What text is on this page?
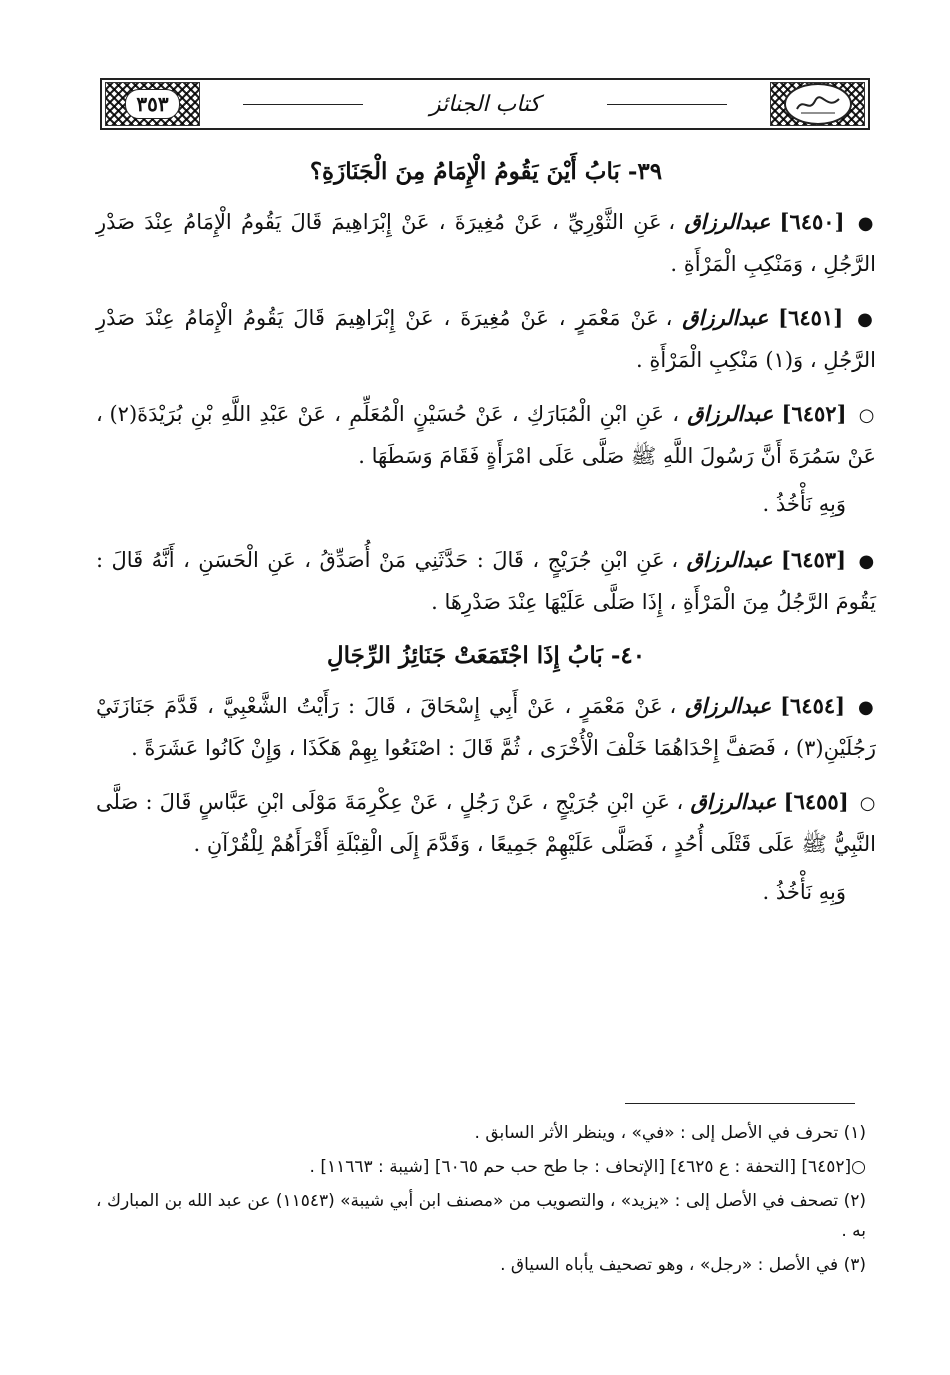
٣٥٣	كتاب الجنائز
٣٩- بَابُ أَيْنَ يَقُومُ الْإِمَامُ مِنَ الْجَنَازَةِ؟

● [٦٤٥٠] عبدالرزاق ، عَنِ الثَّوْرِيِّ ، عَنْ مُغِيرَةَ ، عَنْ إِبْرَاهِيمَ قَالَ يَقُومُ الْإِمَامُ عِنْدَ صَدْرِ الرَّجُلِ ، وَمَنْكِبِ الْمَرْأَةِ .

● [٦٤٥١] عبدالرزاق ، عَنْ مَعْمَرٍ ، عَنْ مُغِيرَةَ ، عَنْ إِبْرَاهِيمَ قَالَ يَقُومُ الْإِمَامُ عِنْدَ صَدْرِ الرَّجُلِ ، وَ(١) مَنْكِبِ الْمَرْأَةِ .

○ [٦٤٥٢] عبدالرزاق ، عَنِ ابْنِ الْمُبَارَكِ ، عَنْ حُسَيْنٍ الْمُعَلِّمِ ، عَنْ عَبْدِ اللَّهِ بْنِ بُرَيْدَةَ(٢) ، عَنْ سَمُرَةَ أَنَّ رَسُولَ اللَّهِ ﷺ صَلَّى عَلَى امْرَأَةٍ فَقَامَ وَسَطَهَا .

وَبِهِ نَأْخُذُ .

● [٦٤٥٣] عبدالرزاق ، عَنِ ابْنِ جُرَيْجٍ ، قَالَ : حَدَّثَنِي مَنْ أُصَدِّقُ ، عَنِ الْحَسَنِ ، أَنَّهُ قَالَ : يَقُومَ الرَّجُلُ مِنَ الْمَرْأَةِ ، إِذَا صَلَّى عَلَيْهَا عِنْدَ صَدْرِهَا .

٤٠- بَابُ إِذَا اجْتَمَعَتْ جَنَائِزُ الرِّجَالِ

● [٦٤٥٤] عبدالرزاق ، عَنْ مَعْمَرٍ ، عَنْ أَبِي إِسْحَاقَ ، قَالَ : رَأَيْتُ الشَّعْبِيَّ ، قَدَّمَ جَنَازَتَيْ رَجُلَيْنِ(٣) ، فَصَفَّ إِحْدَاهُمَا خَلْفَ الْأُخْرَى ، ثُمَّ قَالَ : اصْنَعُوا بِهِمْ هَكَذَا ، وَإِنْ كَانُوا عَشَرَةً .

○ [٦٤٥٥] عبدالرزاق ، عَنِ ابْنِ جُرَيْجٍ ، عَنْ رَجُلٍ ، عَنْ عِكْرِمَةَ مَوْلَى ابْنِ عَبَّاسٍ قَالَ : صَلَّى النَّبِيُّ ﷺ عَلَى قَتْلَى أُحُدٍ ، فَصَلَّى عَلَيْهِمْ جَمِيعًا ، وَقَدَّمَ إِلَى الْقِبْلَةِ أَقْرَأَهُمْ لِلْقُرْآنِ .

وَبِهِ نَأْخُذُ .

(١) تحرف في الأصل إلى : «في» ، وينظر الأثر السابق .

○[٦٤٥٢] [التحفة : ع ٤٦٢٥] [الإتحاف : جا طح حب حم ٦٠٦٥] [شيبة : ١١٦٦٣] .

(٢) تصحف في الأصل إلى : «يزيد» ، والتصويب من «مصنف ابن أبي شيبة» (١١٥٤٣) عن عبد الله بن المبارك ، به .

(٣) في الأصل : «رجل» ، وهو تصحيف يأباه السياق .
